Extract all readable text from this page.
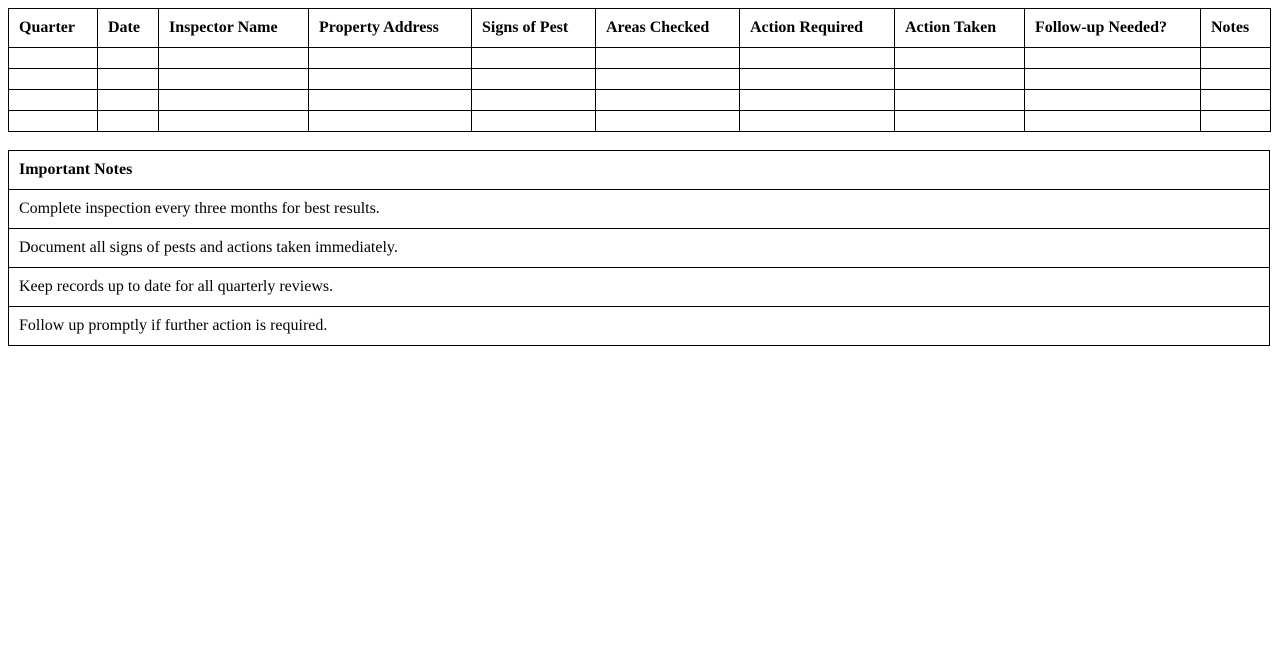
Quarter	Date	Inspector Name	Property Address	Signs of Pest	Areas Checked	Action Required	Action Taken	Follow-up Needed?	Notes

Important Notes
Complete inspection every three months for best results.
Document all signs of pests and actions taken immediately.
Keep records up to date for all quarterly reviews.
Follow up promptly if further action is required.
